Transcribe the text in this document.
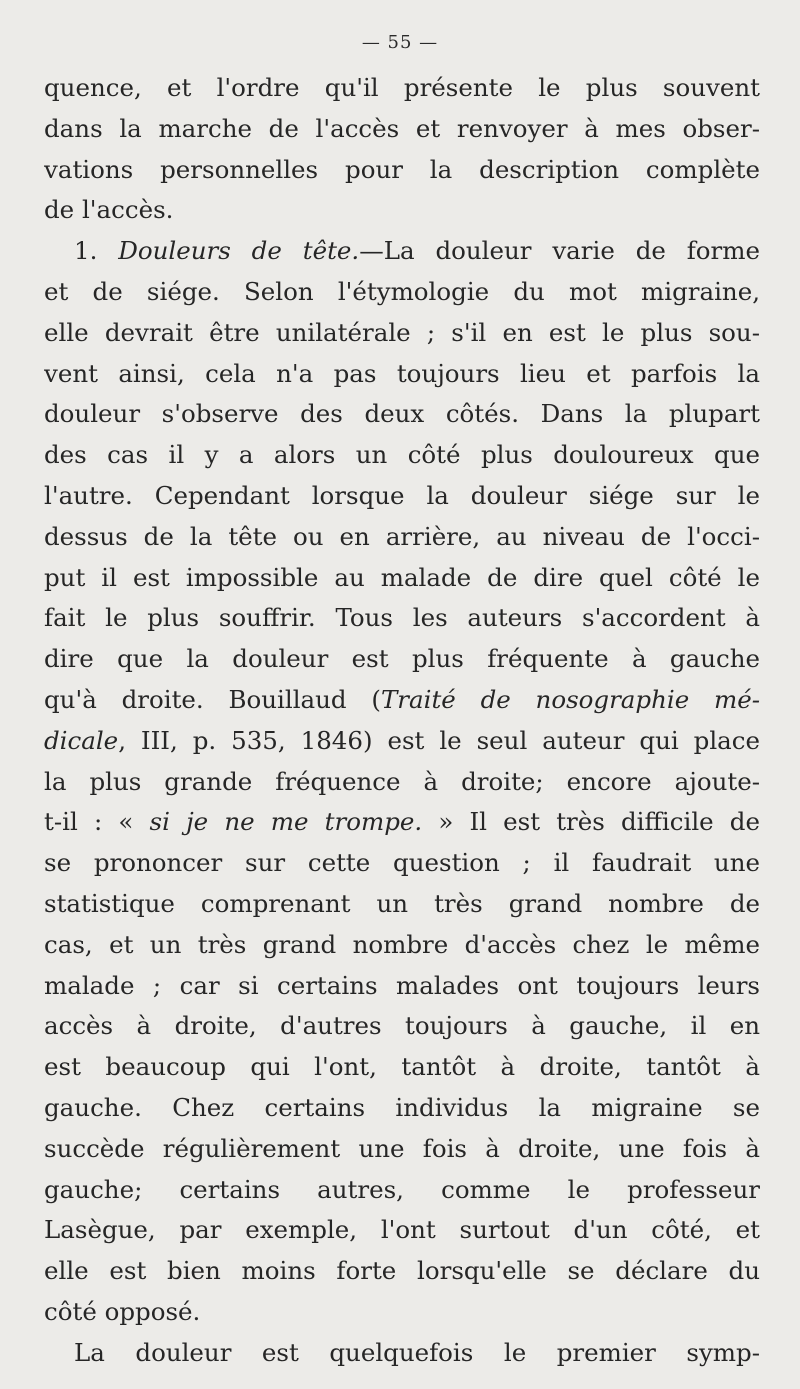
— 55 —
quence, et l'ordre qu'il présente le plus souvent
dans la marche de l'accès et renvoyer à mes obser-
vations personnelles pour la description complète
de l'accès.
1. Douleurs de tête.—La douleur varie de forme
et de siége. Selon l'étymologie du mot migraine,
elle devrait être unilatérale ; s'il en est le plus sou-
vent ainsi, cela n'a pas toujours lieu et parfois la
douleur s'observe des deux côtés. Dans la plupart
des cas il y a alors un côté plus douloureux que
l'autre. Cependant lorsque la douleur siége sur le
dessus de la tête ou en arrière, au niveau de l'occi-
put il est impossible au malade de dire quel côté le
fait le plus souffrir. Tous les auteurs s'accordent à
dire que la douleur est plus fréquente à gauche
qu'à droite. Bouillaud (Traité de nosographie mé-
dicale, III, p. 535, 1846) est le seul auteur qui place
la plus grande fréquence à droite; encore ajoute-
t-il : « si je ne me trompe. » Il est très difficile de
se prononcer sur cette question ; il faudrait une
statistique comprenant un très grand nombre de
cas, et un très grand nombre d'accès chez le même
malade ; car si certains malades ont toujours leurs
accès à droite, d'autres toujours à gauche, il en
est beaucoup qui l'ont, tantôt à droite, tantôt à
gauche. Chez certains individus la migraine se
succède régulièrement une fois à droite, une fois à
gauche; certains autres, comme le professeur
Lasègue, par exemple, l'ont surtout d'un côté, et
elle est bien moins forte lorsqu'elle se déclare du
côté opposé.
La douleur est quelquefois le premier symp-
